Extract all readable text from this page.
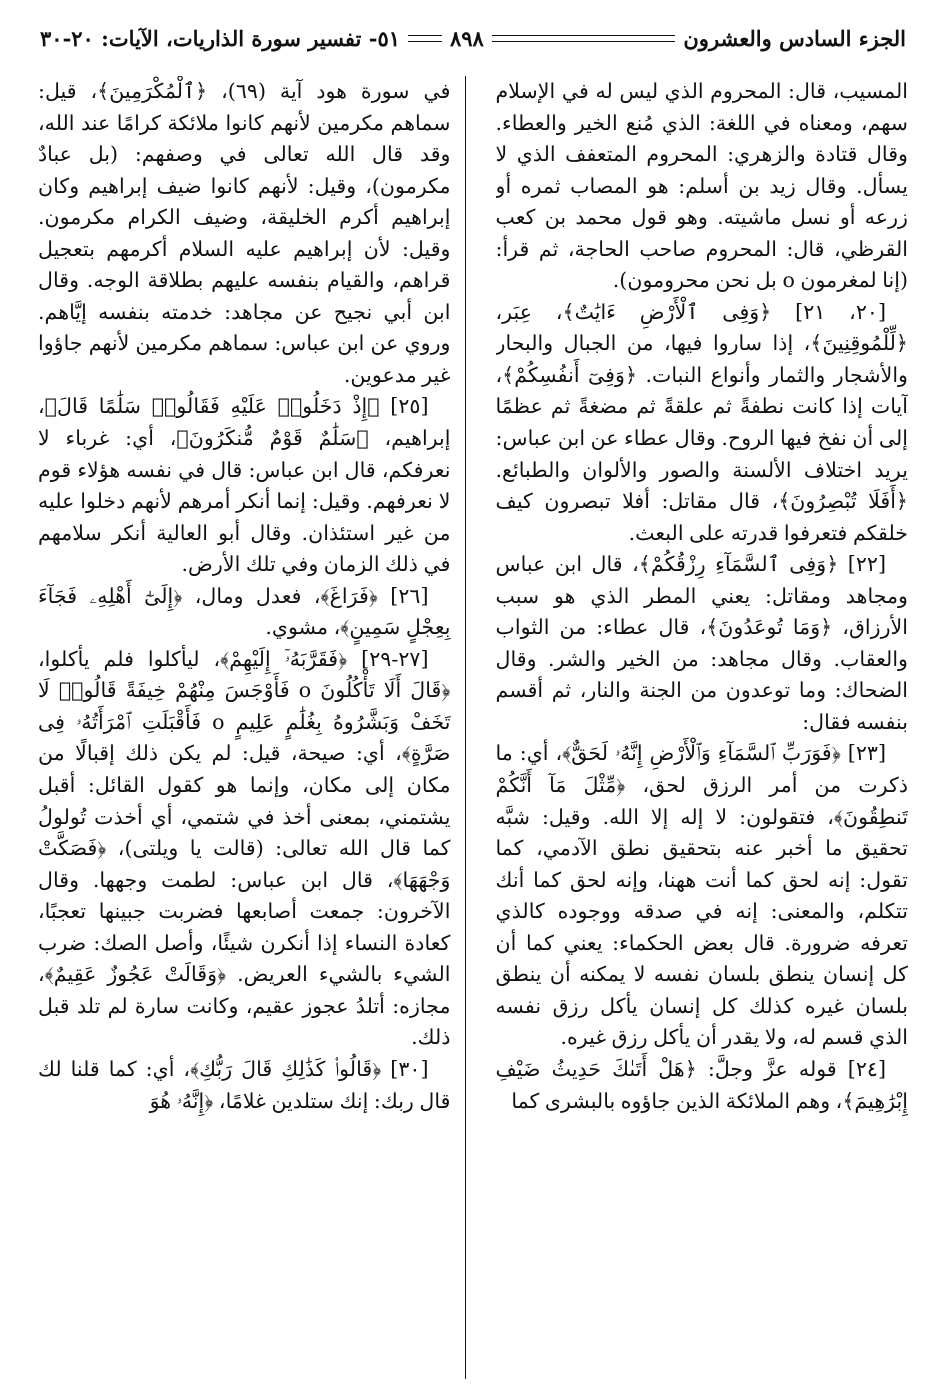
الجزء السادس والعشرون
٨٩٨
٥١- تفسير سورة الذاريات، الآيات: ٢٠-٣٠

المسيب، قال: المحروم الذي ليس له في الإسلام سهم، ومعناه في اللغة: الذي مُنع الخير والعطاء. وقال قتادة والزهري: المحروم المتعفف الذي لا يسأل. وقال زيد بن أسلم: هو المصاب ثمره أو زرعه أو نسل ماشيته. وهو قول محمد بن كعب القرظي، قال: المحروم صاحب الحاجة، ثم قرأ: (إنا لمغرمون o بل نحن محرومون).

[٢٠، ٢١] ﴿وَفِى ٱلْأَرْضِ ءَايَٰتٌ﴾، عِبَر، ﴿لِّلْمُوقِنِينَ﴾، إذا ساروا فيها، من الجبال والبحار والأشجار والثمار وأنواع النبات. ﴿وَفِىٓ أَنفُسِكُمْ﴾، آيات إذا كانت نطفةً ثم علقةً ثم مضغةً ثم عظمًا إلى أن نفخ فيها الروح. وقال عطاء عن ابن عباس: يريد اختلاف الألسنة والصور والألوان والطبائع. ﴿أَفَلَا تُبْصِرُونَ﴾، قال مقاتل: أفلا تبصرون كيف خلقكم فتعرفوا قدرته على البعث.

[٢٢] ﴿وَفِى ٱلسَّمَآءِ رِزْقُكُمْ﴾، قال ابن عباس ومجاهد ومقاتل: يعني المطر الذي هو سبب الأرزاق، ﴿وَمَا تُوعَدُونَ﴾، قال عطاء: من الثواب والعقاب. وقال مجاهد: من الخير والشر. وقال الضحاك: وما توعدون من الجنة والنار، ثم أقسم بنفسه فقال:

[٢٣] ﴿فَوَرَبِّ ٱلسَّمَآءِ وَٱلْأَرْضِ إِنَّهُۥ لَحَقٌّ﴾، أي: ما ذكرت من أمر الرزق لحق، ﴿مِّثْلَ مَآ أَنَّكُمْ تَنطِقُونَ﴾، فتقولون: لا إله إلا الله. وقيل: شبَّه تحقيق ما أخبر عنه بتحقيق نطق الآدمي، كما تقول: إنه لحق كما أنت ههنا، وإنه لحق كما أنك تتكلم، والمعنى: إنه في صدقه ووجوده كالذي تعرفه ضرورة. قال بعض الحكماء: يعني كما أن كل إنسان ينطق بلسان نفسه لا يمكنه أن ينطق بلسان غيره كذلك كل إنسان يأكل رزق نفسه الذي قسم له، ولا يقدر أن يأكل رزق غيره.

[٢٤] قوله عزَّ وجلَّ: ﴿هَلْ أَتَىٰكَ حَدِيثُ ضَيْفِ إِبْرَٰهِيمَ﴾، وهم الملائكة الذين جاؤوه بالبشرى كما

في سورة هود آية (٦٩)، ﴿ٱلْمُكْرَمِينَ﴾، قيل: سماهم مكرمين لأنهم كانوا ملائكة كرامًا عند الله، وقد قال الله تعالى في وصفهم: (بل عبادٌ مكرمون)، وقيل: لأنهم كانوا ضيف إبراهيم وكان إبراهيم أكرم الخليقة، وضيف الكرام مكرمون. وقيل: لأن إبراهيم عليه السلام أكرمهم بتعجيل قراهم، والقيام بنفسه عليهم بطلاقة الوجه. وقال ابن أبي نجيح عن مجاهد: خدمته بنفسه إيَّاهم. وروي عن ابن عباس: سماهم مكرمين لأنهم جاؤوا غير مدعوين.

[٢٥] ﴿إِذْ دَخَلُوا۟ عَلَيْهِ فَقَالُوا۟ سَلَٰمًا قَالَ﴾، إبراهيم، ﴿سَلَٰمٌ قَوْمٌ مُّنكَرُونَ﴾، أي: غرباء لا نعرفكم، قال ابن عباس: قال في نفسه هؤلاء قوم لا نعرفهم. وقيل: إنما أنكر أمرهم لأنهم دخلوا عليه من غير استئذان. وقال أبو العالية أنكر سلامهم في ذلك الزمان وفي تلك الأرض.

[٢٦] ﴿فَرَاغَ﴾، فعدل ومال، ﴿إِلَىٰٓ أَهْلِهِۦ فَجَآءَ بِعِجْلٍ سَمِينٍ﴾، مشوي.

[٢٧-٢٩] ﴿فَقَرَّبَهُۥٓ إِلَيْهِمْ﴾، ليأكلوا فلم يأكلوا، ﴿قَالَ أَلَا تَأْكُلُونَ o فَأَوْجَسَ مِنْهُمْ خِيفَةً قَالُوا۟ لَا تَخَفْ وَبَشَّرُوهُ بِغُلَٰمٍ عَلِيمٍ o فَأَقْبَلَتِ ٱمْرَأَتُهُۥ فِى صَرَّةٍ﴾، أي: صيحة، قيل: لم يكن ذلك إقبالًا من مكان إلى مكان، وإنما هو كقول القائل: أقبل يشتمني، بمعنى أخذ في شتمي، أي أخذت تُولولُ كما قال الله تعالى: (قالت يا ويلتى)، ﴿فَصَكَّتْ وَجْهَهَا﴾، قال ابن عباس: لطمت وجهها. وقال الآخرون: جمعت أصابعها فضربت جبينها تعجبًا، كعادة النساء إذا أنكرن شيئًا، وأصل الصك: ضرب الشيء بالشيء العريض. ﴿وَقَالَتْ عَجُوزٌ عَقِيمٌ﴾، مجازه: أتلدُ عجوز عقيم، وكانت سارة لم تلد قبل ذلك.

[٣٠] ﴿قَالُوا۟ كَذَٰلِكِ قَالَ رَبُّكِ﴾، أي: كما قلنا لك قال ربك: إنك ستلدين غلامًا، ﴿إِنَّهُۥ هُوَ
